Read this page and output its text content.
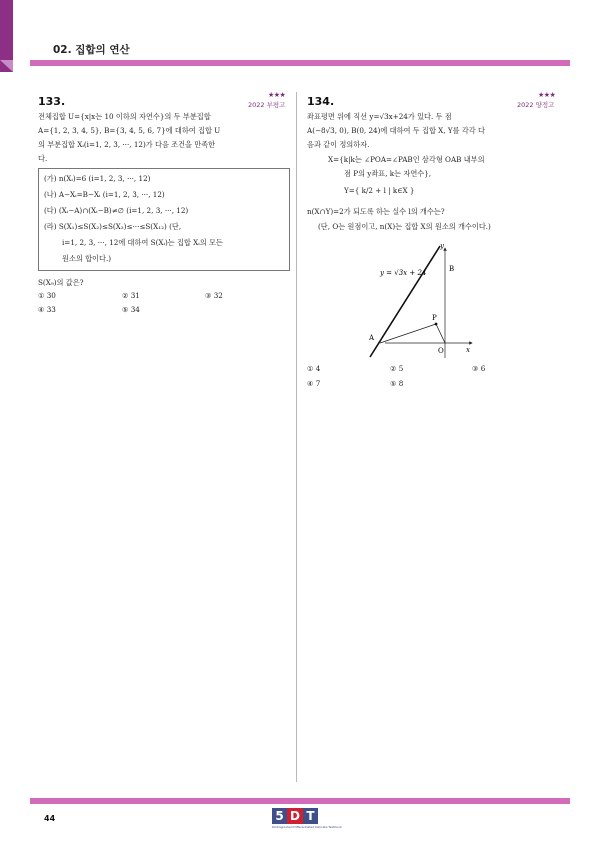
02. 집합의 연산
133.	★★★
2022 부평고
전체집합 U={x|x는 10 이하의 자연수}의 두 부분집합
A={1, 2, 3, 4, 5}, B={3, 4, 5, 6, 7}에 대하여 집합 U
의 부분집합 Xᵢ(i=1, 2, 3, ···, 12)가 다음 조건을 만족한
다.
(가) n(Xᵢ)=6 (i=1, 2, 3, ···, 12)
(나) A−Xᵢ=B−Xᵢ (i=1, 2, 3, ···, 12)
(다) (Xᵢ−A)∩(Xᵢ−B)≠∅ (i=1, 2, 3, ···, 12)
(라) S(X₁)≤S(X₂)≤S(X₃)≤···≤S(X₁₂) (단,
i=1, 2, 3, ···, 12에 대하여 S(Xᵢ)는 집합 Xᵢ의 모든
원소의 합이다.)
S(X₉)의 값은?
① 30	② 31	③ 32
④ 33	⑤ 34
134.	★★★
2022 양정고
좌표평면 위에 직선 y=√3x+24가 있다. 두 점
A(−8√3, 0), B(0, 24)에 대하여 두 집합 X, Y를 각각 다
음과 같이 정의하자.
X={k|k는 ∠POA=∠PAB인 삼각형 OAB 내부의
점 P의 y좌표, k는 자연수},
Y={ k/2 + l | k∈X }
n(X∩Y)=2가 되도록 하는 실수 l의 개수는?
(단, O는 원점이고, n(X)는 집합 X의 원소의 개수이다.)
y
x
B
A
O
P
y = √3x + 24
① 4	② 5	③ 6
④ 7	⑤ 8
44	5 D T
Distinguished Differentiated Delicate Textbook
